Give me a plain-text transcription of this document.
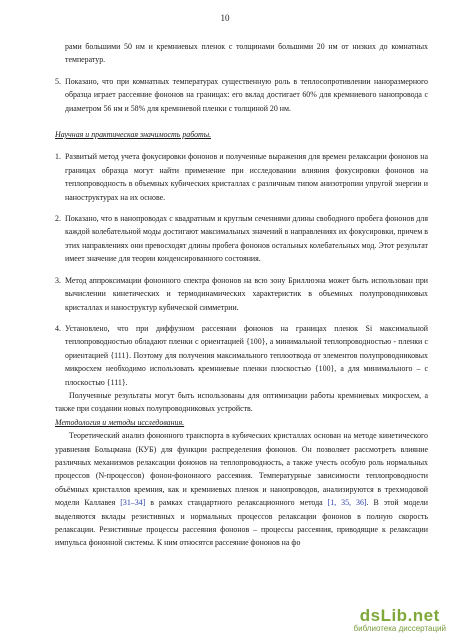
10

рами большими 50 нм и кремниевых пленок с толщинами большими 20 нм от низких до комнатных температур.

5. Показано, что при комнатных температурах существенную роль в теплосопротивлении наноразмерного образца играет рассеяние фононов на границах: его вклад достигает 60% для кремниевого нанопровода с диаметром 56 нм и 58% для кремниевой пленки с толщиной 20 нм.
Научная и практическая значимость работы.
1. Развитый метод учета фокусировки фононов и полученные выражения для времен релаксации фононов на границах образца могут найти применение при исследовании влияния фокусировки фононов на теплопроводность в объемных кубических кристаллах с различным типом анизотропии упругой энергии и наноструктурах на их основе.
2. Показано, что в нанопроводах с квадратным и круглым сечениями длины свободного пробега фононов для каждой колебательной моды достигают максимальных значений в направлениях их фокусировки, причем в этих направлениях они превосходят длины пробега фононов остальных колебательных мод. Этот результат имеет значение для теории конденсированного состояния.
3. Метод аппроксимации фононного спектра фононов на всю зону Бриллюэна может быть использован при вычислении кинетических и термодинамических характеристик в объемных полупроводниковых кристаллах и наноструктур кубической симметрии.
4. Установлено, что при диффузном рассеянии фононов на границах пленок Si максимальной теплопроводностью обладают пленки с ориентацией {100}, а минимальной теплопроводностью - пленки с ориентацией {111}. Поэтому для получения максимального теплоотвода от элементов полупроводниковых микросхем необходимо использовать кремниевые пленки плоскостью {100}, а для минимального – с плоскостью {111}.

Полученные результаты могут быть использованы для оптимизации работы кремниевых микросхем, а также при создании новых полупроводниковых устройств.

Методология и методы исследования.

Теоретический анализ фононного транспорта в кубических кристаллах основан на методе кинетического уравнения Больцмана (КУБ) для функции распределения фононов. Он позволяет рассмотреть влияние различных механизмов релаксации фононов на теплопроводность, а также учесть особую роль нормальных процессов (N-процессов) фонон-фононного рассеяния. Температурные зависимости теплопроводности объёмных кристаллов кремния, как и кремниевых пленок и нанопроводов, анализируются в трехмодовой модели Каллавея [31–34] в рамках стандартного релаксационного метода [1, 35, 36]. В этой модели выделяются вклады резистивных и нормальных процессов релаксации фононов в полную скорость релаксации. Резистивные процессы рассеяния фононов – процессы рассеяния, приводящие к релаксации импульса фононной системы. К ним относятся рассеяние фононов на фо

dsLib.net
библиотека диссертаций
